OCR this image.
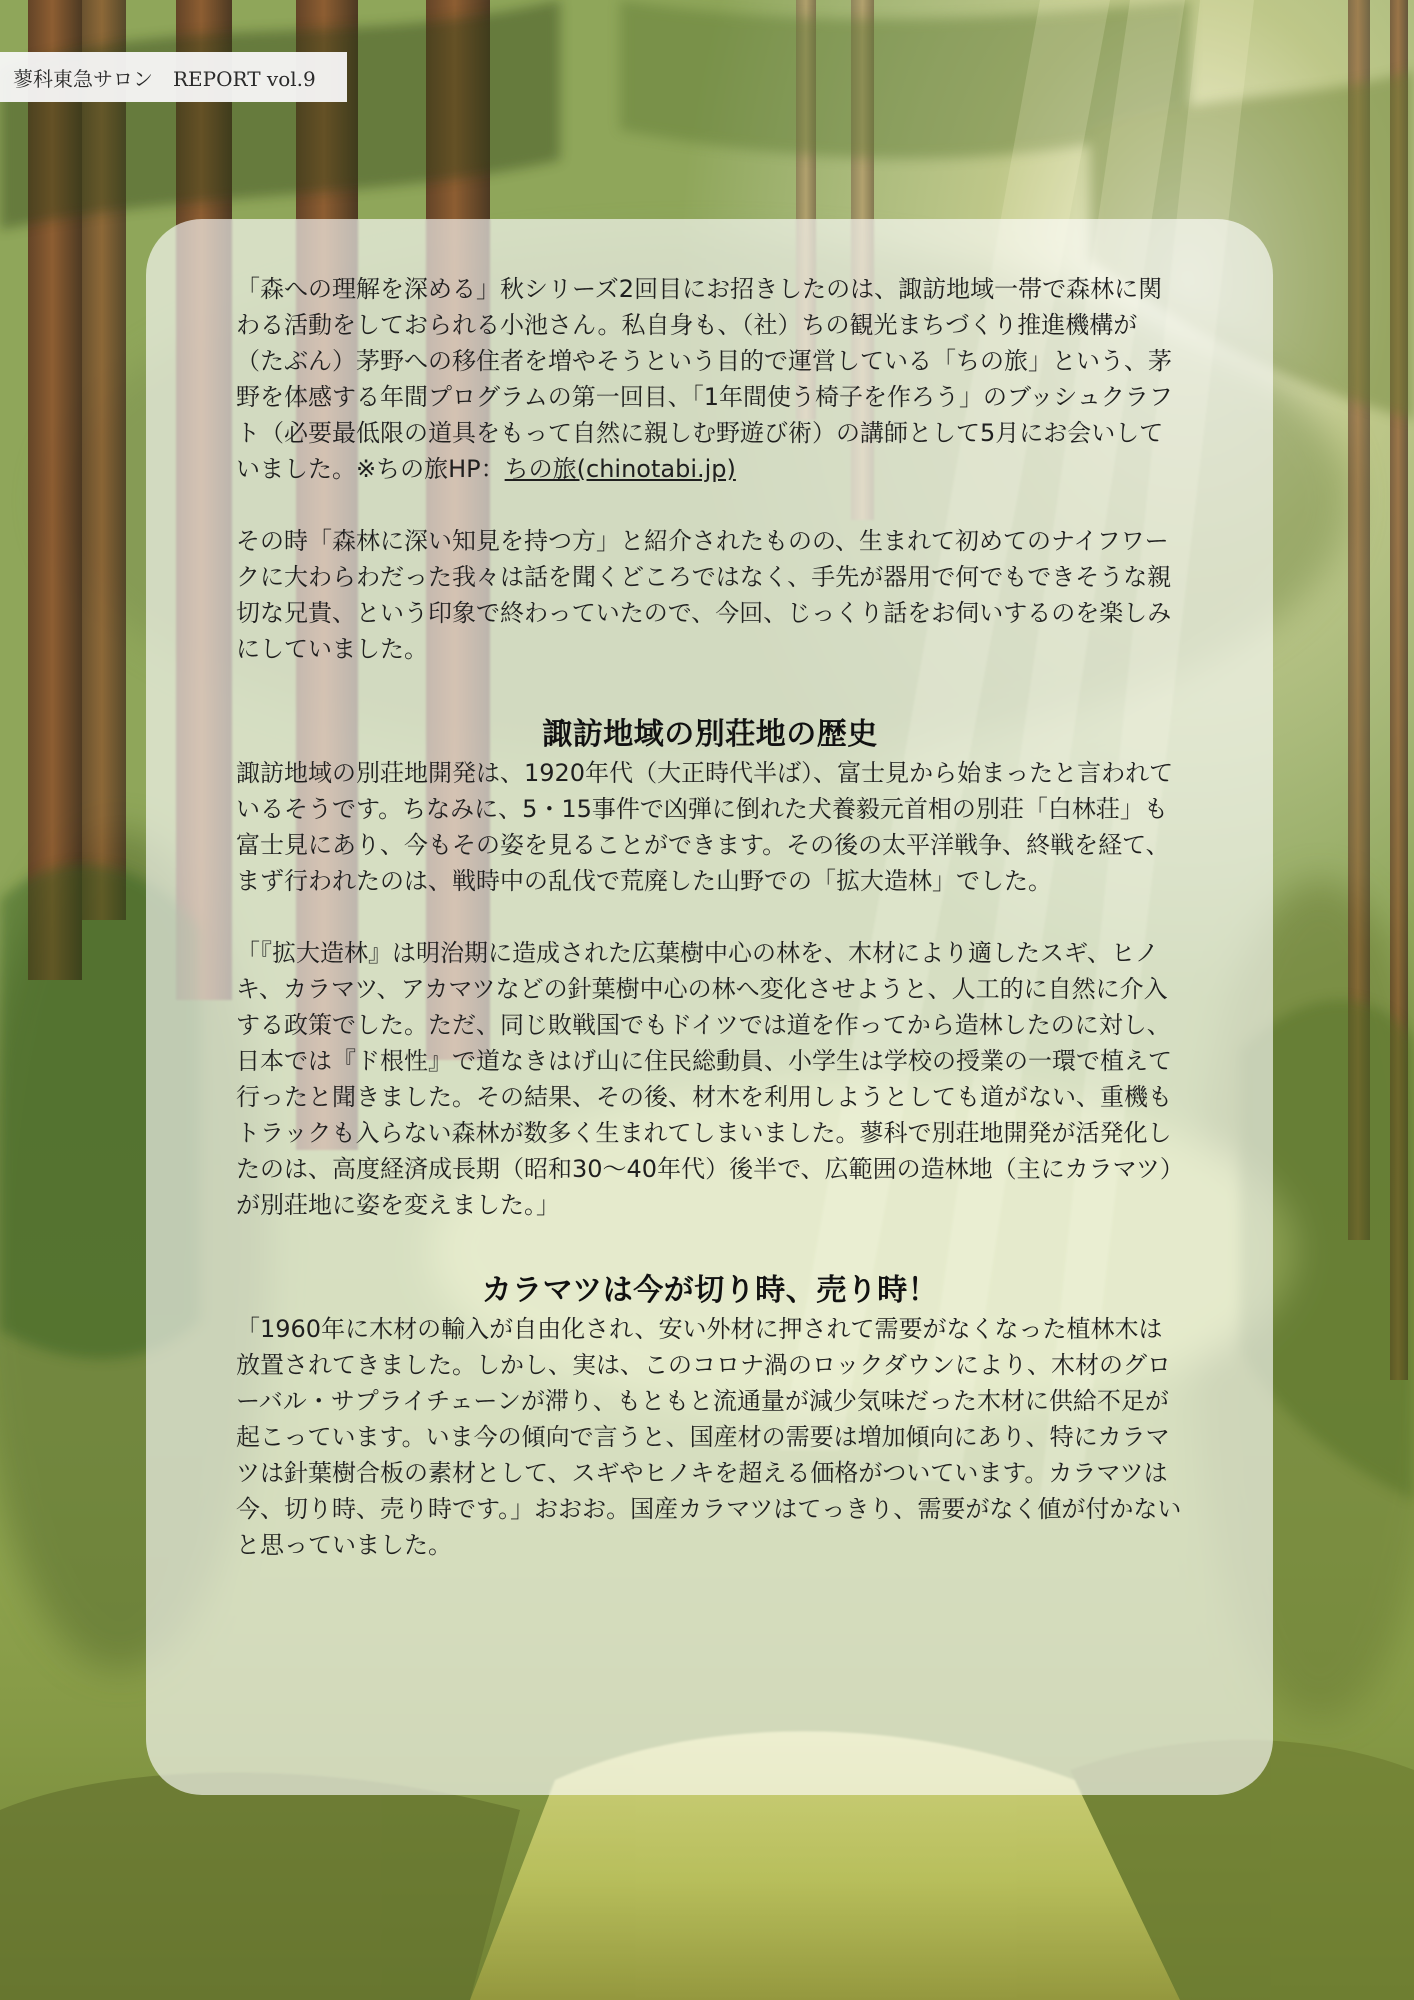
蓼科東急サロン　REPORT vol.9

「森への理解を深める」秋シリーズ2回目にお招きしたのは、諏訪地域一帯で森林に関わる活動をしておられる小池さん。私自身も、（社）ちの観光まちづくり推進機構が（たぶん）茅野への移住者を増やそうという目的で運営している「ちの旅」という、茅野を体感する年間プログラムの第一回目、「1年間使う椅子を作ろう」のブッシュクラフト（必要最低限の道具をもって自然に親しむ野遊び術）の講師として5月にお会いしていました。※ちの旅HP：ちの旅(chinotabi.jp)

その時「森林に深い知見を持つ方」と紹介されたものの、生まれて初めてのナイフワークに大わらわだった我々は話を聞くどころではなく、手先が器用で何でもできそうな親切な兄貴、という印象で終わっていたので、今回、じっくり話をお伺いするのを楽しみにしていました。

諏訪地域の別荘地の歴史

諏訪地域の別荘地開発は、1920年代（大正時代半ば）、富士見から始まったと言われているそうです。ちなみに、5・15事件で凶弾に倒れた犬養毅元首相の別荘「白林荘」も富士見にあり、今もその姿を見ることができます。その後の太平洋戦争、終戦を経て、まず行われたのは、戦時中の乱伐で荒廃した山野での「拡大造林」でした。

「『拡大造林』は明治期に造成された広葉樹中心の林を、木材により適したスギ、ヒノキ、カラマツ、アカマツなどの針葉樹中心の林へ変化させようと、人工的に自然に介入する政策でした。ただ、同じ敗戦国でもドイツでは道を作ってから造林したのに対し、日本では『ド根性』で道なきはげ山に住民総動員、小学生は学校の授業の一環で植えて行ったと聞きました。その結果、その後、材木を利用しようとしても道がない、重機もトラックも入らない森林が数多く生まれてしまいました。蓼科で別荘地開発が活発化したのは、高度経済成長期（昭和30〜40年代）後半で、広範囲の造林地（主にカラマツ）が別荘地に姿を変えました。」

カラマツは今が切り時、売り時！

「1960年に木材の輸入が自由化され、安い外材に押されて需要がなくなった植林木は放置されてきました。しかし、実は、このコロナ渦のロックダウンにより、木材のグローバル・サプライチェーンが滞り、もともと流通量が減少気味だった木材に供給不足が起こっています。いま今の傾向で言うと、国産材の需要は増加傾向にあり、特にカラマツは針葉樹合板の素材として、スギやヒノキを超える価格がついています。カラマツは今、切り時、売り時です。」おおお。国産カラマツはてっきり、需要がなく値が付かないと思っていました。
